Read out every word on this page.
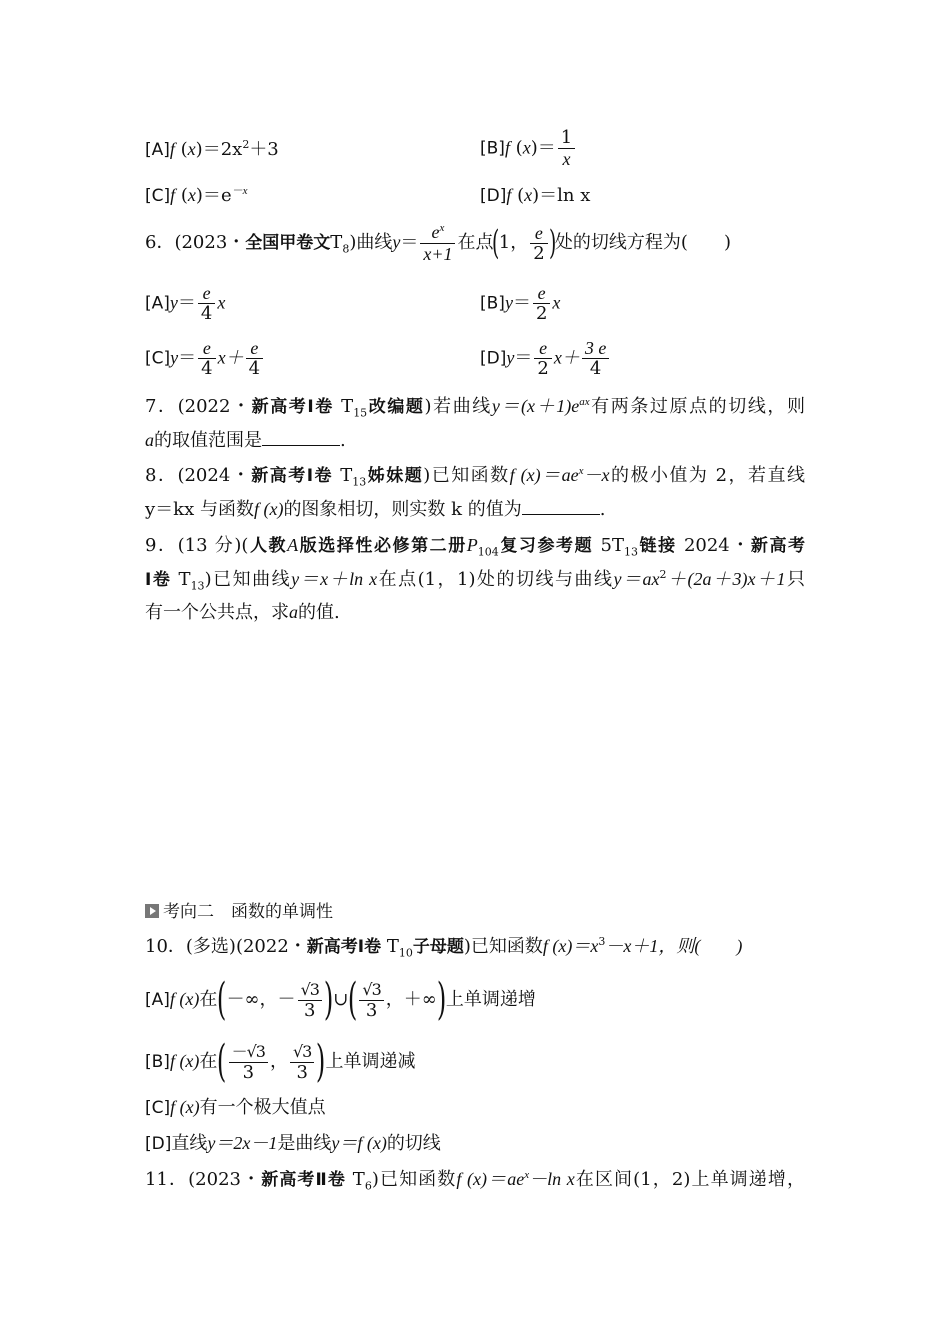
[A]f $(x)=2x^2+3$	[B]f $(x)= \frac{1}{x}$
[C]f $(x)=e^{-x}$	[D]f (x)＝ln x
6．(2023・全国甲卷文$T_8$)曲线$y= \frac{e^x}{x+1}$ 在点(1， $\frac{e}{2}$ )处的切线方程为(　　)
$[A]y= \frac{e}{4}$ x	$[B]y= \frac{e}{2}$ x
$[C]y= \frac{e}{4} x+ \frac{e}{4}$	$[D]y= \frac{e}{2} x+ \frac{3 e}{4}$
7．(2022・新高考Ⅰ卷 $T_{15}$改编题)若曲线$y=(x+1)e^{ax}$有两条过原点的切线，则
a的取值范围是	.
8．(2024・新高考Ⅰ卷 $T_{13}$姊妹题)已知函数f $(x)=ae^x-x$的极小值为 2，若直线
y＝kx 与函数f (x)的图象相切，则实数 k 的值为	.
9．(13 分)(人教A版选择性必修第二册$P_{104}$复习参考题 $5T_{13}$链接 2024・新高考
Ⅰ卷 $T_{13}$)已知曲线y＝x＋ln x在点(1，1)处的切线与曲线$y=ax^2+(2a+3)x+1$只
有一个公共点，求a的值.
考向二　函数的单调性
10．(多选)(2022・新高考Ⅰ卷 $T_{10}$子母题)已知函数f $(x)=x^3-x+1$，则(　　)
[A]f (x)在(－∞，－ $\frac{√3}{3}$ )∪( $\frac{√3}{3}$ ，＋∞)上单调递增
[B]f (x)在( $\frac{-√3}{3}$ ， $\frac{√3}{3}$ )上单调递减
[C]f (x)有一个极大值点
[D]直线y＝2x－1是曲线y＝f (x)的切线
11．(2023・新高考Ⅱ卷 $T_6$)已知函数f $(x)=ae^x-\ln$ x在区间(1，2)上单调递增，
